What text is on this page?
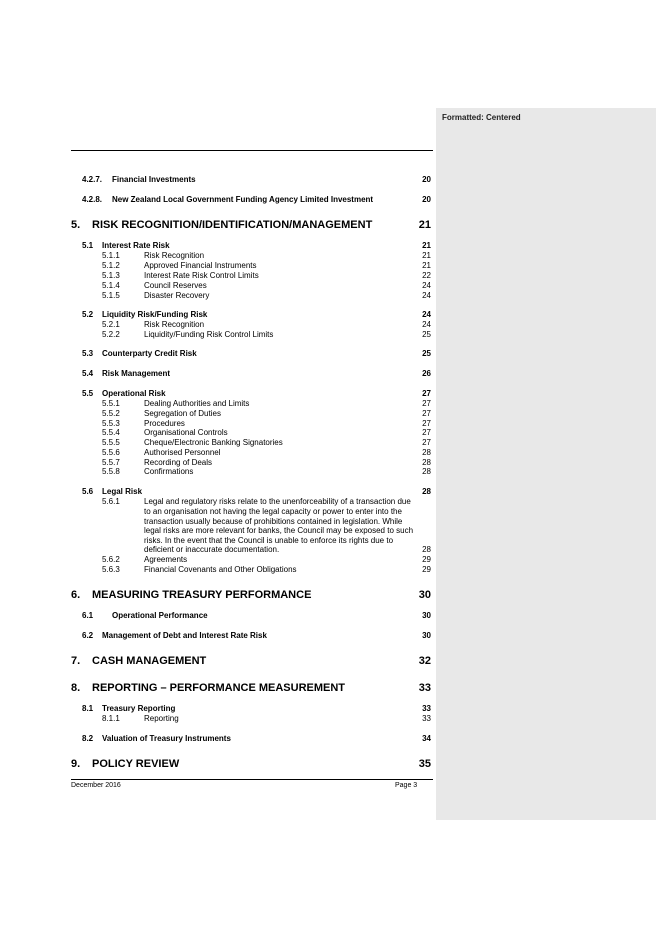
Formatted: Centered
4.2.7. Financial Investments	20
4.2.8. New Zealand Local Government Funding Agency Limited Investment	20
5. RISK RECOGNITION/IDENTIFICATION/MANAGEMENT	21
5.1 Interest Rate Risk	21
5.1.1	Risk Recognition	21
5.1.2	Approved Financial Instruments	21
5.1.3	Interest Rate Risk Control Limits	22
5.1.4	Council Reserves	24
5.1.5	Disaster Recovery	24
5.2 Liquidity Risk/Funding Risk	24
5.2.1	Risk Recognition	24
5.2.2	Liquidity/Funding Risk Control Limits	25
5.3 Counterparty Credit Risk	25
5.4 Risk Management	26
5.5 Operational Risk	27
5.5.1	Dealing Authorities and Limits	27
5.5.2	Segregation of Duties	27
5.5.3	Procedures	27
5.5.4	Organisational Controls	27
5.5.5	Cheque/Electronic Banking Signatories	27
5.5.6	Authorised Personnel	28
5.5.7	Recording of Deals	28
5.5.8	Confirmations	28
5.6 Legal Risk	28
5.6.1	Legal and regulatory risks relate to the unenforceability of a transaction due
to an organisation not having the legal capacity or power to enter into the
transaction usually because of prohibitions contained in legislation. While
legal risks are more relevant for banks, the Council may be exposed to such
risks. In the event that the Council is unable to enforce its rights due to
deficient or inaccurate documentation.	28
5.6.2	Agreements	29
5.6.3	Financial Covenants and Other Obligations	29
6. MEASURING TREASURY PERFORMANCE	30
6.1 Operational Performance	30
6.2 Management of Debt and Interest Rate Risk	30
7. CASH MANAGEMENT	32
8. REPORTING – PERFORMANCE MEASUREMENT	33
8.1 Treasury Reporting	33
8.1.1	Reporting	33
8.2 Valuation of Treasury Instruments	34
9. POLICY REVIEW	35
December 2016	Page 3
